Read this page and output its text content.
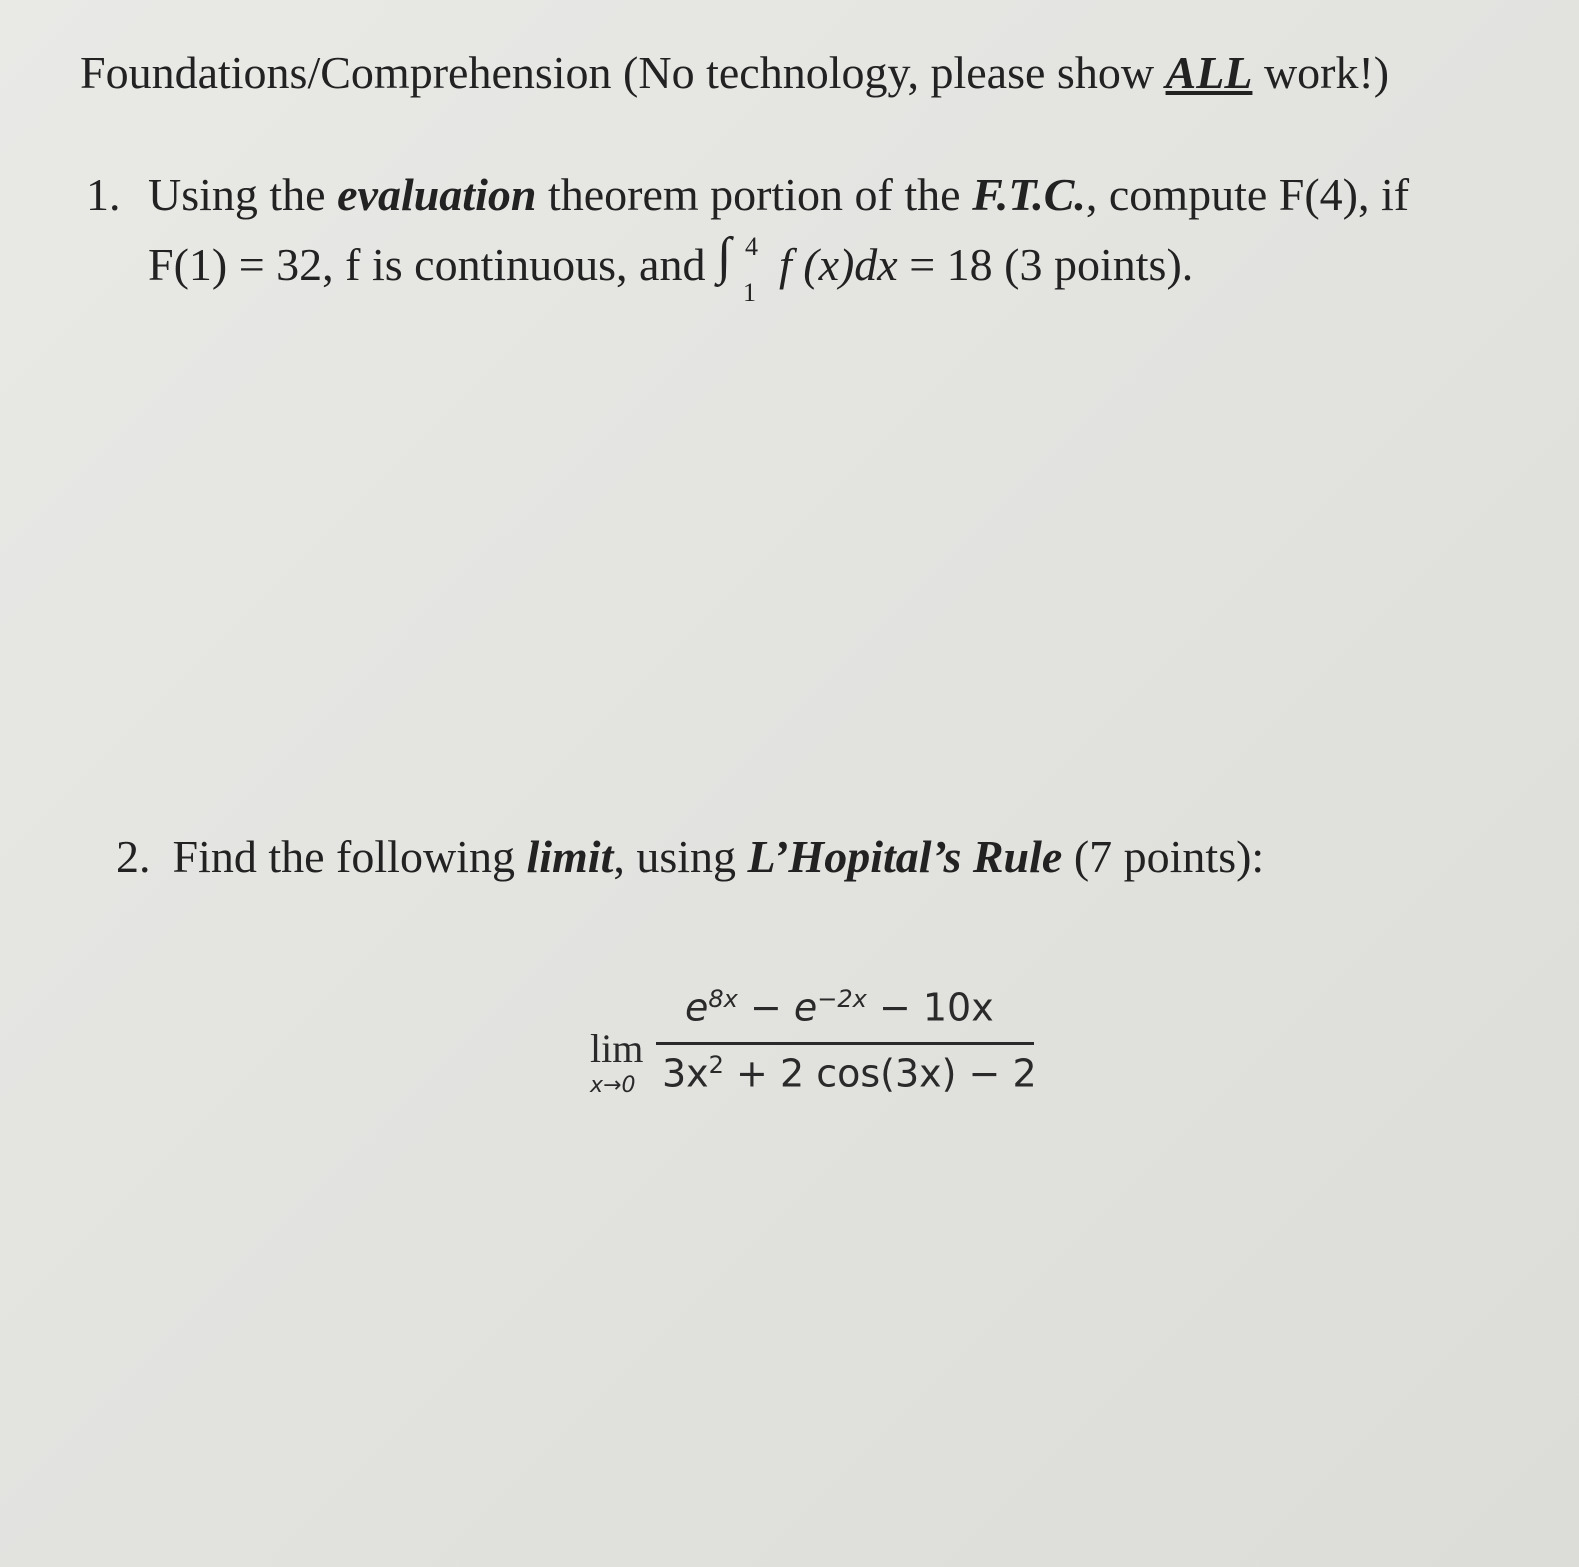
Foundations/Comprehension (No technology, please show ALL work!)
1. Using the evaluation theorem portion of the F.T.C., compute F(4), if
F(1) = 32, f is continuous, and ∫ 4
1
f (x)dx = 18 (3 points).
2. Find the following limit, using L’Hopital’s Rule (7 points):
lim
x→0
$e^{8x} - e^{-2x} - 10x$
$3x^2 + 2$ cos(3x) − 2
